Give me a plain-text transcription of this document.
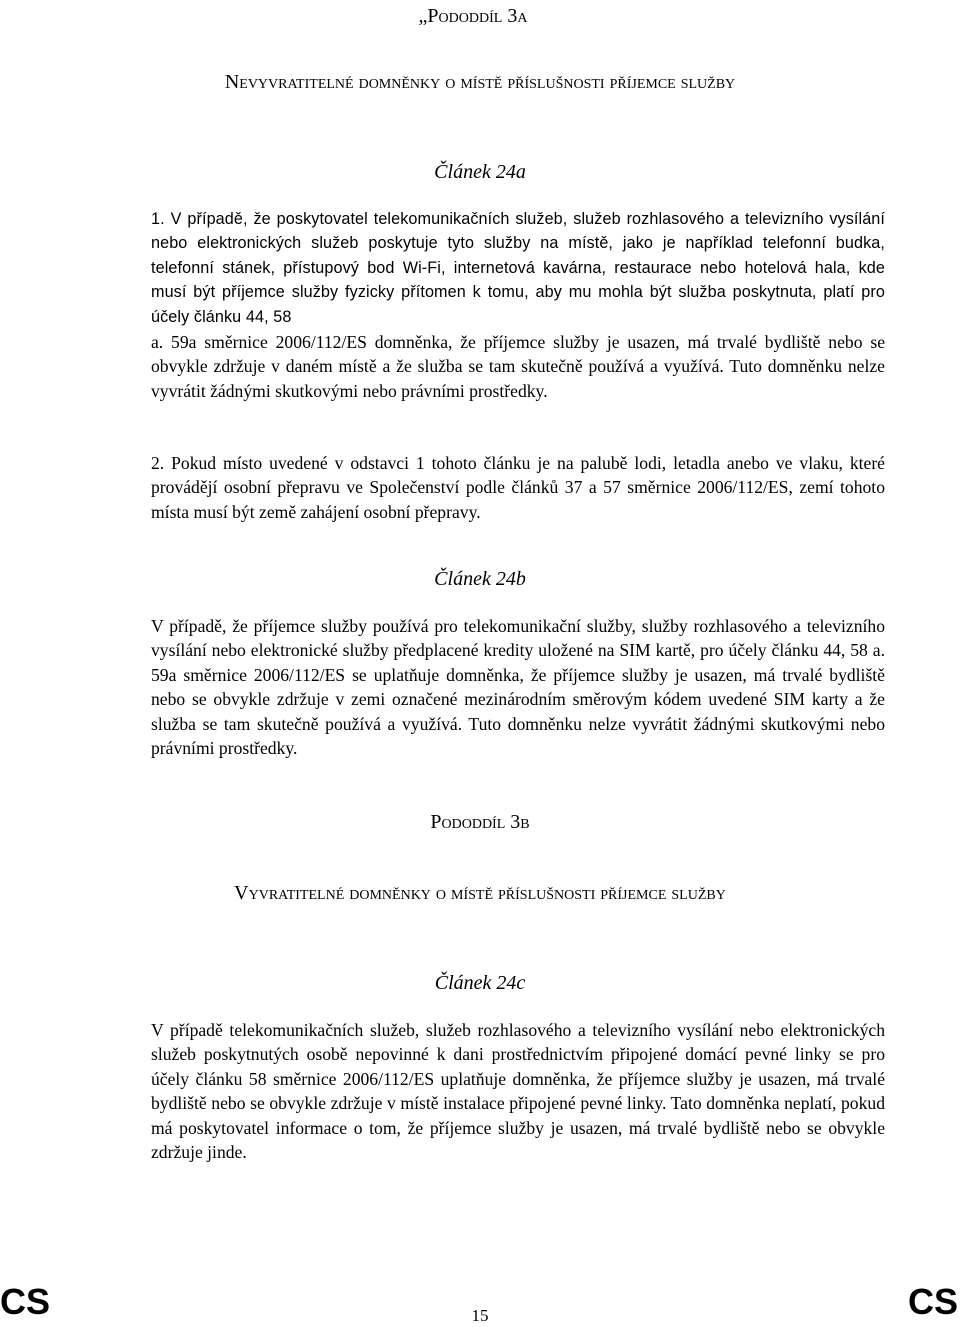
„Pododdíl 3a
Nevyvratitelné domněnky o místě příslušnosti příjemce služby
Článek 24a

1. V případě, že poskytovatel telekomunikačních služeb, služeb rozhlasového a televizního vysílání nebo elektronických služeb poskytuje tyto služby na místě, jako je například telefonní budka, telefonní stánek, přístupový bod Wi-Fi, internetová kavárna, restaurace nebo hotelová hala, kde musí být příjemce služby fyzicky přítomen k tomu, aby mu mohla být služba poskytnuta, platí pro účely článku 44, 58

a. 59a směrnice 2006/112/ES domněnka, že příjemce služby je usazen, má trvalé bydliště nebo se obvykle zdržuje v daném místě a že služba se tam skutečně používá a využívá. Tuto domněnku nelze vyvrátit žádnými skutkovými nebo právními prostředky.

2. Pokud místo uvedené v odstavci 1 tohoto článku je na palubě lodi, letadla anebo ve vlaku, které provádějí osobní přepravu ve Společenství podle článků 37 a 57 směrnice 2006/112/ES, zemí tohoto místa musí být země zahájení osobní přepravy.

Článek 24b

V případě, že příjemce služby používá pro telekomunikační služby, služby rozhlasového a televizního vysílání nebo elektronické služby předplacené kredity uložené na SIM kartě, pro účely článku 44, 58 a. 59a směrnice 2006/112/ES se uplatňuje domněnka, že příjemce služby je usazen, má trvalé bydliště nebo se obvykle zdržuje v zemi označené mezinárodním směrovým kódem uvedené SIM karty a že služba se tam skutečně používá a využívá. Tuto domněnku nelze vyvrátit žádnými skutkovými nebo právními prostředky.

Pododdíl 3b
Vyvratitelné domněnky o místě příslušnosti příjemce služby
Článek 24c

V případě telekomunikačních služeb, služeb rozhlasového a televizního vysílání nebo elektronických služeb poskytnutých osobě nepovinné k dani prostřednictvím připojené domácí pevné linky se pro účely článku 58 směrnice 2006/112/ES uplatňuje domněnka, že příjemce služby je usazen, má trvalé bydliště nebo se obvykle zdržuje v místě instalace připojené pevné linky. Tato domněnka neplatí, pokud má poskytovatel informace o tom, že příjemce služby je usazen, má trvalé bydliště nebo se obvykle zdržuje jinde.

CS	15	CS
